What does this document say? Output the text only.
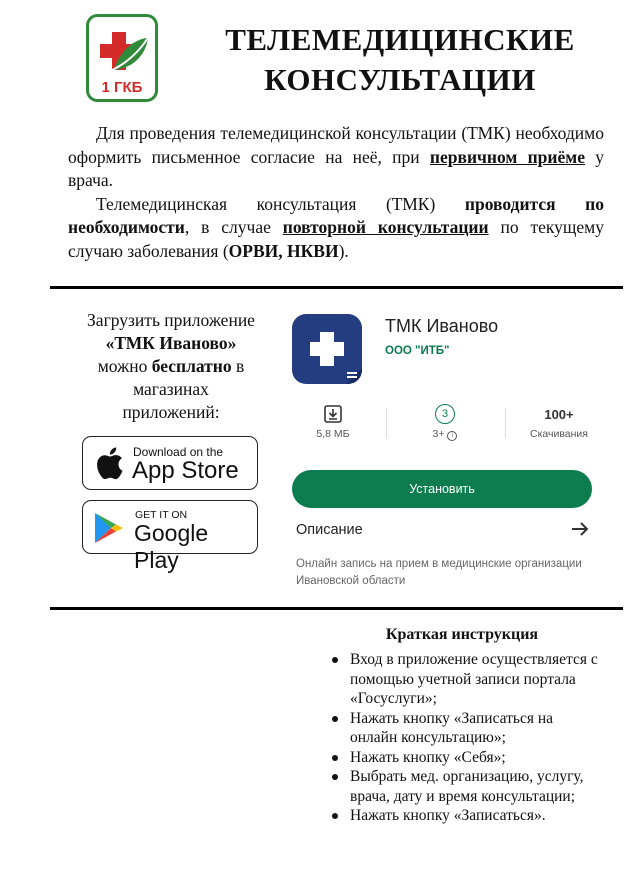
1 ГКБ
ТЕЛЕМЕДИЦИНСКИЕ
КОНСУЛЬТАЦИИ

Для проведения телемедицинской консультации (ТМК) необходимо оформить письменное согласие на неё, при первичном приёме у врача.

Телемедицинская консультация (ТМК) проводится по необходимости, в случае повторной консультации по текущему случаю заболевания (ОРВИ, НКВИ).

Загрузить приложение
«ТМК Иваново»
можно бесплатно в
магазинах
приложений:
Download on the
App Store
GET IT ON
Google Play
ТМК Иваново
ООО "ИТБ"
5,8 МБ
3
3+ i
100+
Скачивания
Установить
Описание
Онлайн запись на прием в медицинские организации Ивановской области
Краткая инструкция
Вход в приложение осуществляется с помощью учетной записи портала «Госуслуги»;
Нажать кнопку «Записаться на онлайн консультацию»;
Нажать кнопку «Себя»;
Выбрать мед. организацию, услугу, врача, дату и время консультации;
Нажать кнопку «Записаться».
